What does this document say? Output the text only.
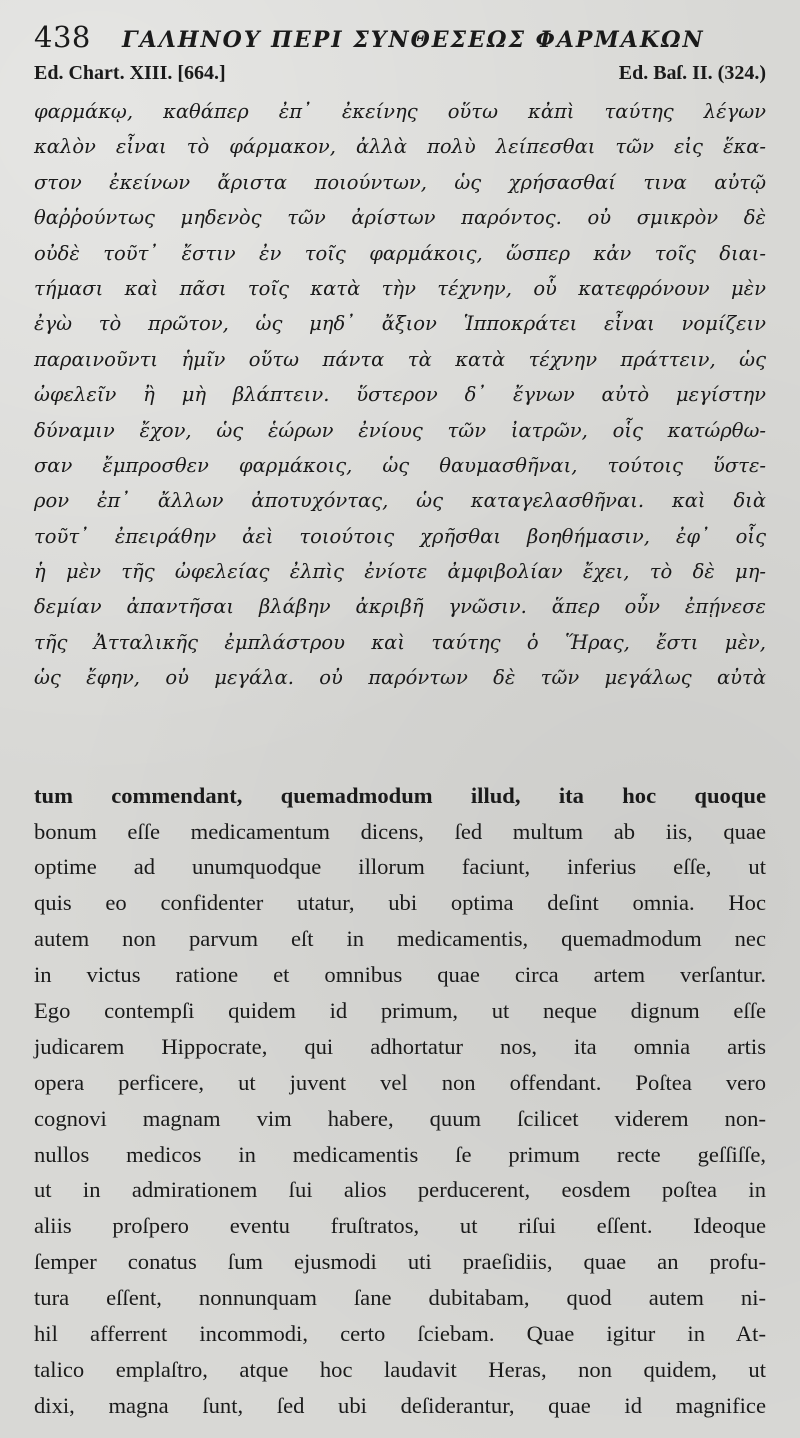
438	ΓΑΛΗΝΟΥ ΠΕΡΙ ΣΥΝΘΕΣΕΩΣ ΦΑΡΜΑΚΩΝ
Ed. Chart. XIII. [664.]	Ed. Baſ. II. (324.)
φαρμάκῳ, καθάπερ ἐπ᾽ ἐκείνης οὕτω κἀπὶ ταύτης λέγων
καλὸν εἶναι τὸ φάρμακον, ἀλλὰ πολὺ λείπεσθαι τῶν εἰς ἕκα-
στον ἐκείνων ἄριστα ποιούντων, ὡς χρήσασθαί τινα αὐτῷ
θαῤῥούντως μηδενὸς τῶν ἀρίστων παρόντος. οὐ σμικρὸν δὲ
οὐδὲ τοῦτ᾽ ἔστιν ἐν τοῖς φαρμάκοις, ὥσπερ κἀν τοῖς διαι-
τήμασι καὶ πᾶσι τοῖς κατὰ τὴν τέχνην, οὗ κατεφρόνουν μὲν
ἐγὼ τὸ πρῶτον, ὡς μηδ᾽ ἄξιον Ἱπποκράτει εἶναι νομίζειν
παραινοῦντι ἡμῖν οὕτω πάντα τὰ κατὰ τέχνην πράττειν, ὡς
ὠφελεῖν ἢ μὴ βλάπτειν. ὕστερον δ᾽ ἔγνων αὐτὸ μεγίστην
δύναμιν ἔχον, ὡς ἑώρων ἐνίους τῶν ἰατρῶν, οἷς κατώρθω-
σαν ἔμπροσθεν φαρμάκοις, ὡς θαυμασθῆναι, τούτοις ὕστε-
ρον ἐπ᾽ ἄλλων ἀποτυχόντας, ὡς καταγελασθῆναι. καὶ διὰ
τοῦτ᾽ ἐπειράθην ἀεὶ τοιούτοις χρῆσθαι βοηθήμασιν, ἐφ᾽ οἷς
ἡ μὲν τῆς ὠφελείας ἐλπὶς ἐνίοτε ἀμφιβολίαν ἔχει, τὸ δὲ μη-
δεμίαν ἀπαντῆσαι βλάβην ἀκριβῆ γνῶσιν. ἅπερ οὖν ἐπῄνεσε
τῆς Ἀτταλικῆς ἐμπλάστρου καὶ ταύτης ὁ Ἥρας, ἔστι μὲν,
ὡς ἔφην, οὐ μεγάλα. οὐ παρόντων δὲ τῶν μεγάλως αὐτὰ
tum commendant, quemadmodum illud, ita hoc quoque
bonum eſſe medicamentum dicens, ſed multum ab iis, quae
optime ad unumquodque illorum faciunt, inferius eſſe, ut
quis eo confidenter utatur, ubi optima deſint omnia. Hoc
autem non parvum eſt in medicamentis, quemadmodum nec
in victus ratione et omnibus quae circa artem verſantur.
Ego contempſi quidem id primum, ut neque dignum eſſe
judicarem Hippocrate, qui adhortatur nos, ita omnia artis
opera perficere, ut juvent vel non offendant. Poſtea vero
cognovi magnam vim habere, quum ſcilicet viderem non-
nullos medicos in medicamentis ſe primum recte geſſiſſe,
ut in admirationem ſui alios perducerent, eosdem poſtea in
aliis proſpero eventu fruſtratos, ut riſui eſſent. Ideoque
ſemper conatus ſum ejusmodi uti praeſidiis, quae an profu-
tura eſſent, nonnunquam ſane dubitabam, quod autem ni-
hil afferrent incommodi, certo ſciebam. Quae igitur in At-
talico emplaſtro, atque hoc laudavit Heras, non quidem, ut
dixi, magna ſunt, ſed ubi deſiderantur, quae id magnifice
